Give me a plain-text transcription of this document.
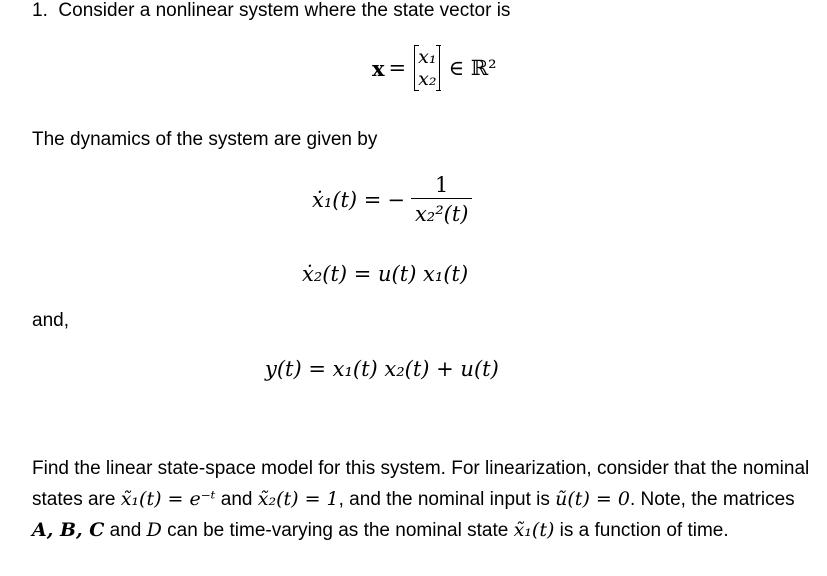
1. Consider a nonlinear system where the state vector is
x = x₁
x₂ ∈ ℝ²
The dynamics of the system are given by
ẋ₁(t) = − $\frac{1}{\text{x₂²(t)}}$
ẋ₂(t) = u(t) x₁(t)
and,
y(t) = x₁(t) x₂(t) + u(t)
Find the linear state-space model for this system. For linearization, consider that the nominal states are x̃₁(t) = e⁻ᵗ and x̃₂(t) = 1, and the nominal input is ũ(t) = 0. Note, the matrices A, B, C and D can be time-varying as the nominal state x̃₁(t) is a function of time.
